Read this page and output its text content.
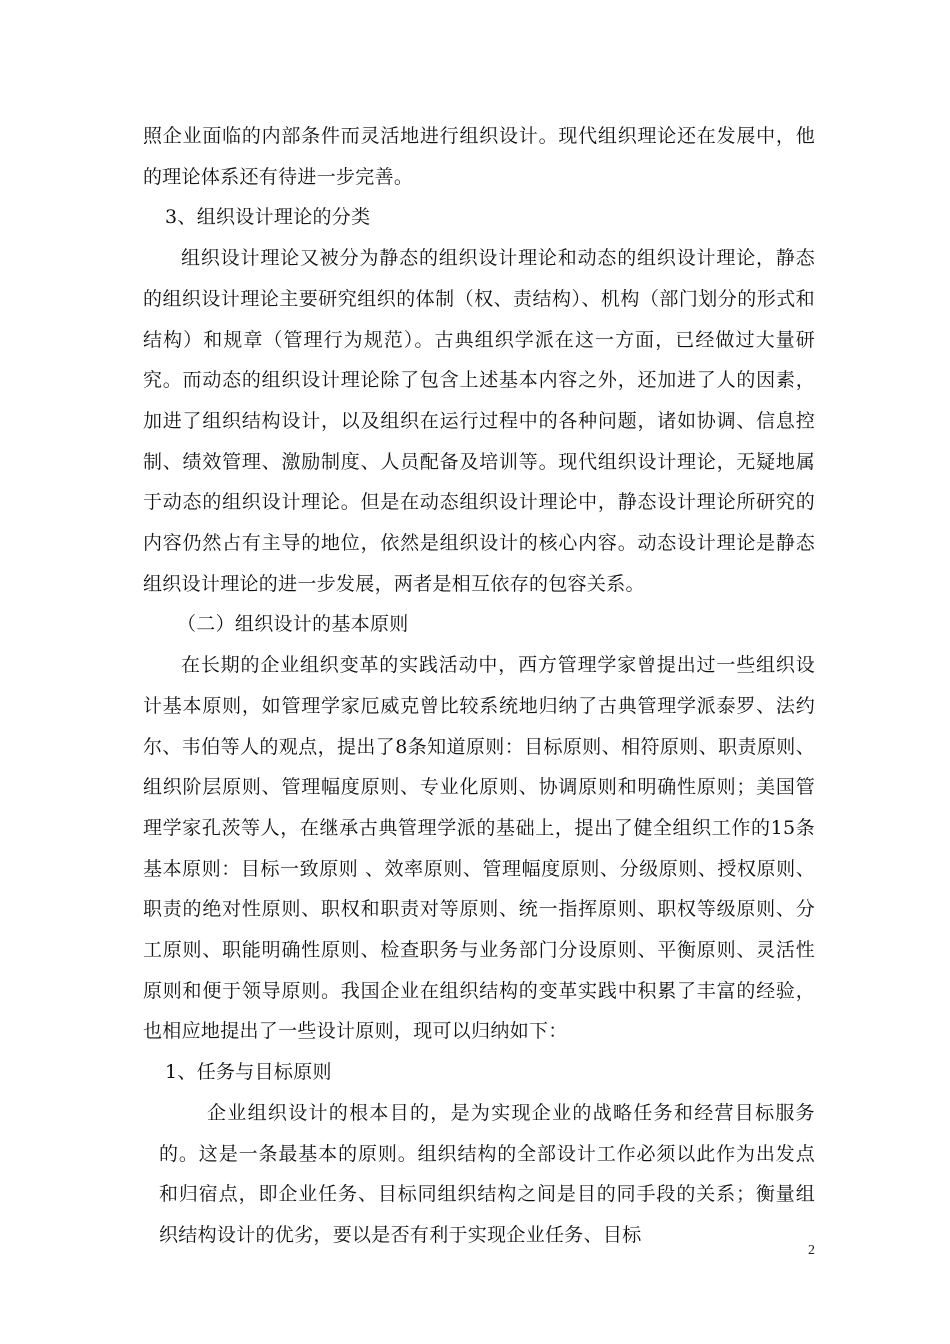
照企业面临的内部条件而灵活地进行组织设计。现代组织理论还在发展中，他的理论体系还有待进一步完善。

3、组织设计理论的分类

组织设计理论又被分为静态的组织设计理论和动态的组织设计理论，静态的组织设计理论主要研究组织的体制（权、责结构）、机构（部门划分的形式和结构）和规章（管理行为规范）。古典组织学派在这一方面，已经做过大量研究。而动态的组织设计理论除了包含上述基本内容之外，还加进了人的因素，加进了组织结构设计，以及组织在运行过程中的各种问题，诸如协调、信息控制、绩效管理、激励制度、人员配备及培训等。现代组织设计理论，无疑地属于动态的组织设计理论。但是在动态组织设计理论中，静态设计理论所研究的内容仍然占有主导的地位，依然是组织设计的核心内容。动态设计理论是静态组织设计理论的进一步发展，两者是相互依存的包容关系。

（二）组织设计的基本原则

在长期的企业组织变革的实践活动中，西方管理学家曾提出过一些组织设计基本原则，如管理学家厄威克曾比较系统地归纳了古典管理学派泰罗、法约尔、韦伯等人的观点，提出了8条知道原则：目标原则、相符原则、职责原则、组织阶层原则、管理幅度原则、专业化原则、协调原则和明确性原则；美国管理学家孔茨等人，在继承古典管理学派的基础上，提出了健全组织工作的15条基本原则：目标一致原则 、效率原则、管理幅度原则、分级原则、授权原则、职责的绝对性原则、职权和职责对等原则、统一指挥原则、职权等级原则、分工原则、职能明确性原则、检查职务与业务部门分设原则、平衡原则、灵活性原则和便于领导原则。我国企业在组织结构的变革实践中积累了丰富的经验，也相应地提出了一些设计原则，现可以归纳如下：

1、任务与目标原则

企业组织设计的根本目的，是为实现企业的战略任务和经营目标服务的。这是一条最基本的原则。组织结构的全部设计工作必须以此作为出发点和归宿点，即企业任务、目标同组织结构之间是目的同手段的关系；衡量组织结构设计的优劣，要以是否有利于实现企业任务、目标

2
